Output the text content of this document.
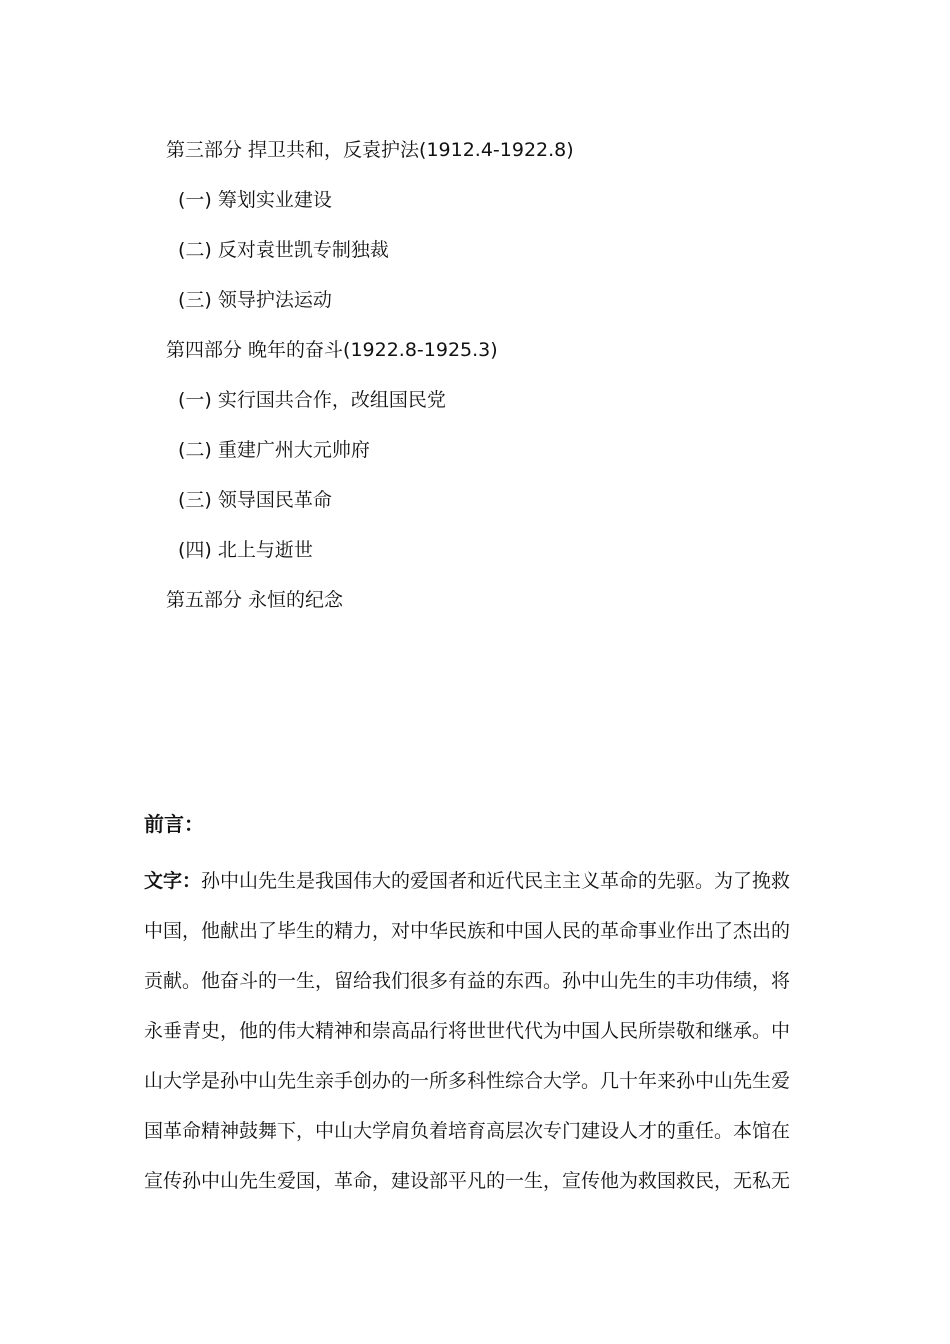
第三部分 捍卫共和，反袁护法(1912.4-1922.8)
(一) 筹划实业建设
(二) 反对袁世凯专制独裁
(三) 领导护法运动
第四部分 晚年的奋斗(1922.8-1925.3)
(一) 实行国共合作，改组国民党
(二) 重建广州大元帅府
(三) 领导国民革命
(四) 北上与逝世
第五部分 永恒的纪念
前言：
文字：孙中山先生是我国伟大的爱国者和近代民主主义革命的先驱。为了挽救
中国，他献出了毕生的精力，对中华民族和中国人民的革命事业作出了杰出的
贡献。他奋斗的一生，留给我们很多有益的东西。孙中山先生的丰功伟绩，将
永垂青史，他的伟大精神和崇高品行将世世代代为中国人民所崇敬和继承。中
山大学是孙中山先生亲手创办的一所多科性综合大学。几十年来孙中山先生爱
国革命精神鼓舞下，中山大学肩负着培育高层次专门建设人才的重任。本馆在
宣传孙中山先生爱国，革命，建设部平凡的一生，宣传他为救国救民，无私无
